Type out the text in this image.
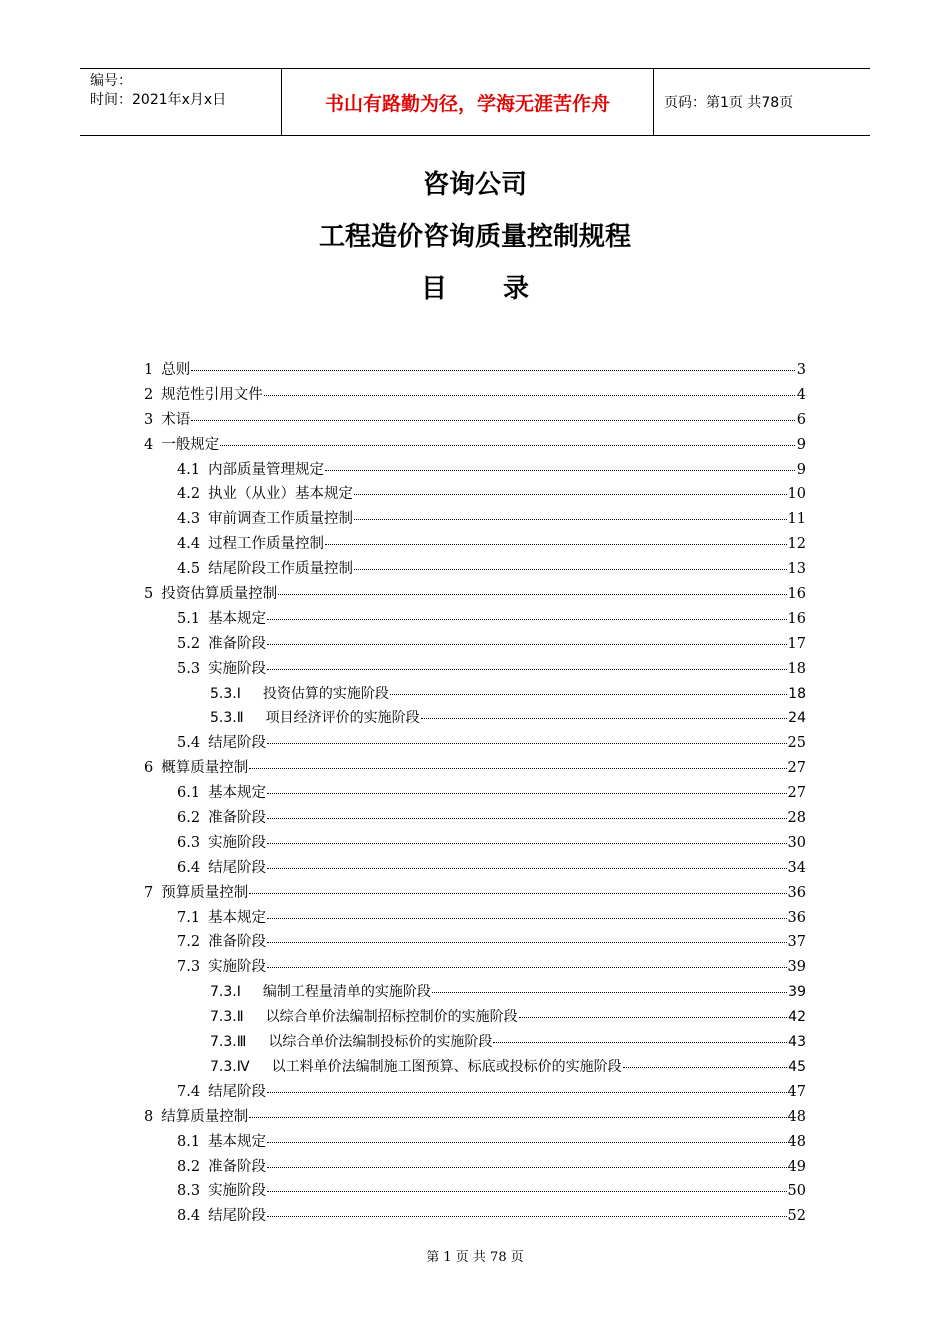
编号：
时间：2021年x月x日	书山有路勤为径，学海无涯苦作舟	页码：第1页 共78页
咨询公司
工程造价咨询质量控制规程
目录
1 总则	3
2 规范性引用文件	4
3 术语	6
4 一般规定	9
4.1 内部质量管理规定	9
4.2 执业（从业）基本规定	10
4.3 审前调查工作质量控制	11
4.4 过程工作质量控制	12
4.5 结尾阶段工作质量控制	13
5 投资估算质量控制	16
5.1 基本规定	16
5.2 准备阶段	17
5.3 实施阶段	18
5.3.Ⅰ 投资估算的实施阶段	18
5.3.Ⅱ 项目经济评价的实施阶段	24
5.4 结尾阶段	25
6 概算质量控制	27
6.1 基本规定	27
6.2 准备阶段	28
6.3 实施阶段	30
6.4 结尾阶段	34
7 预算质量控制	36
7.1 基本规定	36
7.2 准备阶段	37
7.3 实施阶段	39
7.3.Ⅰ 编制工程量清单的实施阶段	39
7.3.Ⅱ 以综合单价法编制招标控制价的实施阶段	42
7.3.Ⅲ 以综合单价法编制投标价的实施阶段	43
7.3.Ⅳ 以工料单价法编制施工图预算、标底或投标价的实施阶段	45
7.4 结尾阶段	47
8 结算质量控制	48
8.1 基本规定	48
8.2 准备阶段	49
8.3 实施阶段	50
8.4 结尾阶段	52
第 1 页 共 78 页
